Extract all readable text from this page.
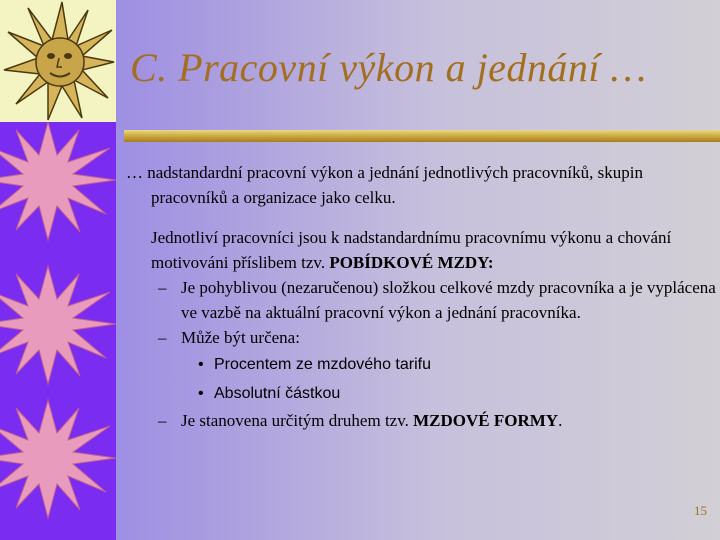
C. Pracovní výkon a jednání …
… nadstandardní pracovní výkon a jednání jednotlivých pracovníků, skupin pracovníků a organizace jako celku.
Jednotliví pracovníci jsou k nadstandardnímu pracovnímu výkonu a chování motivováni příslibem tzv. POBÍDKOVÉ MZDY:
– Je pohyblivou (nezaručenou) složkou celkové mzdy pracovníka a je vyplácena ve vazbě na aktuální pracovní výkon a jednání pracovníka.
– Může být určena:
• Procentem ze mzdového tarifu
• Absolutní částkou
– Je stanovena určitým druhem tzv. MZDOVÉ FORMY.
15
